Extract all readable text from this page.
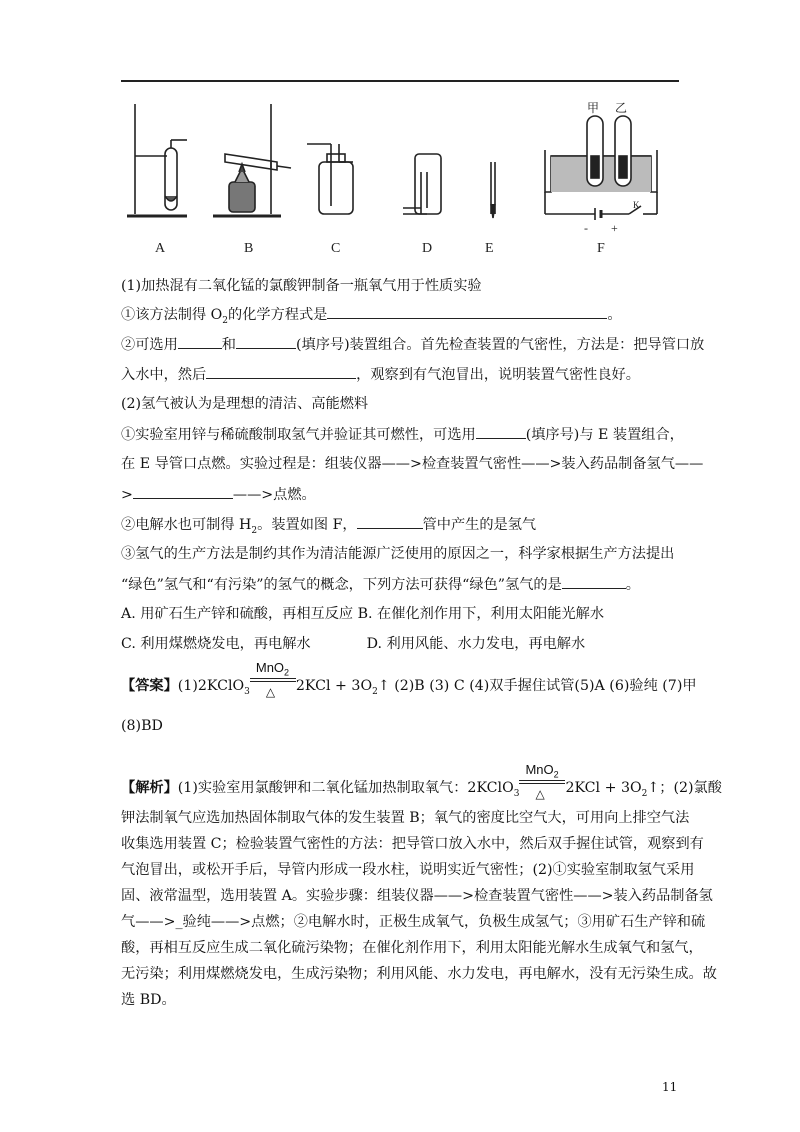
A	B	C	D	E	F
甲 乙
K
- +
(1)加热混有二氧化锰的氯酸钾制备一瓶氧气用于性质实验
①该方法制得 $O_2$的化学方程式是	。
②可选用	和	(填序号)装置组合。首先检查装置的气密性，方法是：把导管口放
入水中，然后	，观察到有气泡冒出，说明装置气密性良好。
(2)氢气被认为是理想的清洁、高能燃料
①实验室用锌与稀硫酸制取氢气并验证其可燃性，可选用	(填序号)与 E 装置组合，
在 E 导管口点燃。实验过程是：组装仪器——>检查装置气密性——>装入药品制备氢气——
>	——>点燃。
②电解水也可制得 $H_2$。装置如图 F，	管中产生的是氢气
③氢气的生产方法是制约其作为清洁能源广泛使用的原因之一，科学家根据生产方法提出
“绿色”氢气和“有污染”的氢气的概念，下列方法可获得“绿色”氢气的是	。
A. 用矿石生产锌和硫酸，再相互反应 B. 在催化剂作用下，利用太阳能光解水
C. 利用煤燃烧发电，再电解水	D. 利用风能、水力发电，再电解水
【答案】(1)2KClO$_3$
MnO$_2$
△ $2KCl + 3O_2↑$ (2)B (3) C (4)双手握住试管(5)A (6)验纯 (7)甲
(8)BD
【解析】(1)实验室用氯酸钾和二氧化锰加热制取氧气：2KClO$_3$
MnO$_2$
△ $2KCl + 3O_2↑$；(2)氯酸
钾法制氧气应选加热固体制取气体的发生装置 B；氧气的密度比空气大，可用向上排空气法
收集选用装置 C；检验装置气密性的方法：把导管口放入水中，然后双手握住试管，观察到有
气泡冒出，或松开手后，导管内形成一段水柱，说明实近气密性；(2)①实验室制取氢气采用
固、液常温型，选用装置 A。实验步骤：组装仪器——>检查装置气密性——>装入药品制备氢
气——>_验纯——>点燃；②电解水时，正极生成氧气，负极生成氢气；③用矿石生产锌和硫
酸，再相互反应生成二氧化硫污染物；在催化剂作用下，利用太阳能光解水生成氧气和氢气，
无污染；利用煤燃烧发电，生成污染物；利用风能、水力发电，再电解水，没有无污染生成。故
选 BD。
11
